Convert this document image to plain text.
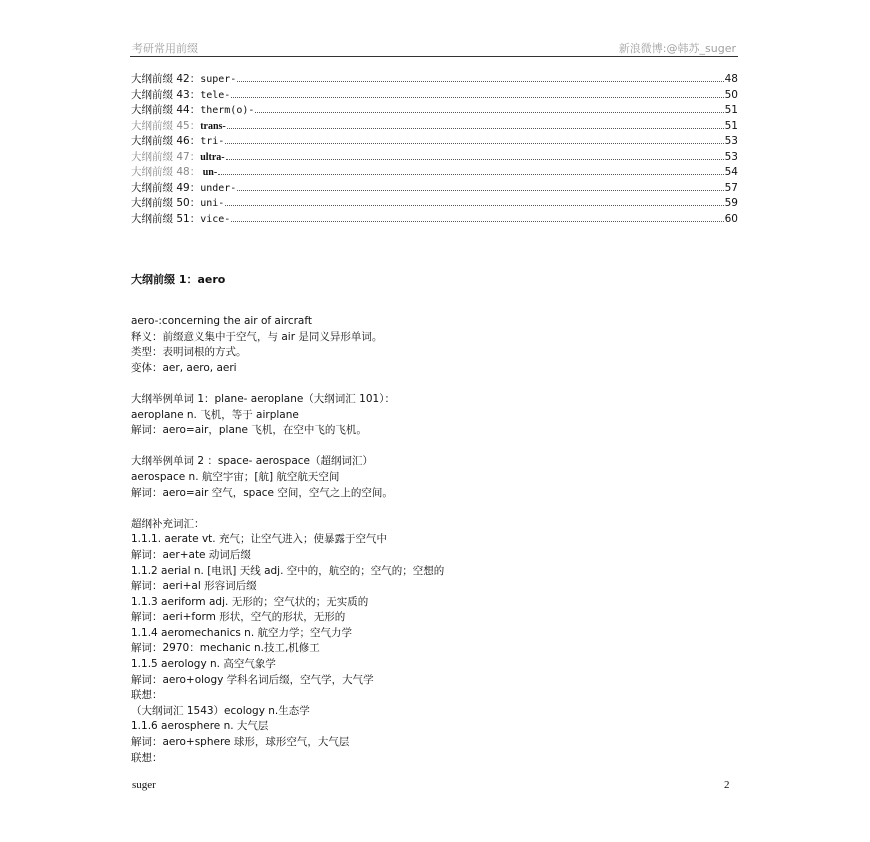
考研常用前缀	新浪微博:@韩苏_suger
大纲前缀 42： super-	48
大纲前缀 43： tele-	50
大纲前缀 44： therm(o)-	51
大纲前缀 45： trans-	51
大纲前缀 46： tri-	53
大纲前缀 47： ultra-	53
大纲前缀 48： un-	54
大纲前缀 49： under-	57
大纲前缀 50： uni-	59
大纲前缀 51： vice-	60
大纲前缀 1：aero
aero-:concerning the air of aircraft
释义：前缀意义集中于空气，与 air 是同义异形单词。
类型：表明词根的方式。
变体：aer, aero, aeri
大纲举例单词 1：plane- aeroplane（大纲词汇 101）：
aeroplane n. 飞机，等于 airplane
解词：aero=air，plane 飞机，在空中飞的飞机。
大纲举例单词 2 ：space- aerospace（超纲词汇）
aerospace n. 航空宇宙；[航] 航空航天空间
解词：aero=air 空气，space 空间，空气之上的空间。
超纲补充词汇：
1.1.1. aerate vt. 充气；让空气进入；使暴露于空气中
解词：aer+ate 动词后缀
1.1.2 aerial n. [电讯] 天线 adj. 空中的，航空的；空气的；空想的
解词：aeri+al 形容词后缀
1.1.3 aeriform adj. 无形的；空气状的；无实质的
解词：aeri+form 形状，空气的形状，无形的
1.1.4 aeromechanics n. 航空力学；空气力学
解词：2970：mechanic n.技工,机修工
1.1.5 aerology n. 高空气象学
解词：aero+ology 学科名词后缀，空气学，大气学
联想：
（大纲词汇 1543）ecology n.生态学
1.1.6 aerosphere n. 大气层
解词：aero+sphere 球形，球形空气，大气层
联想：
suger	2
